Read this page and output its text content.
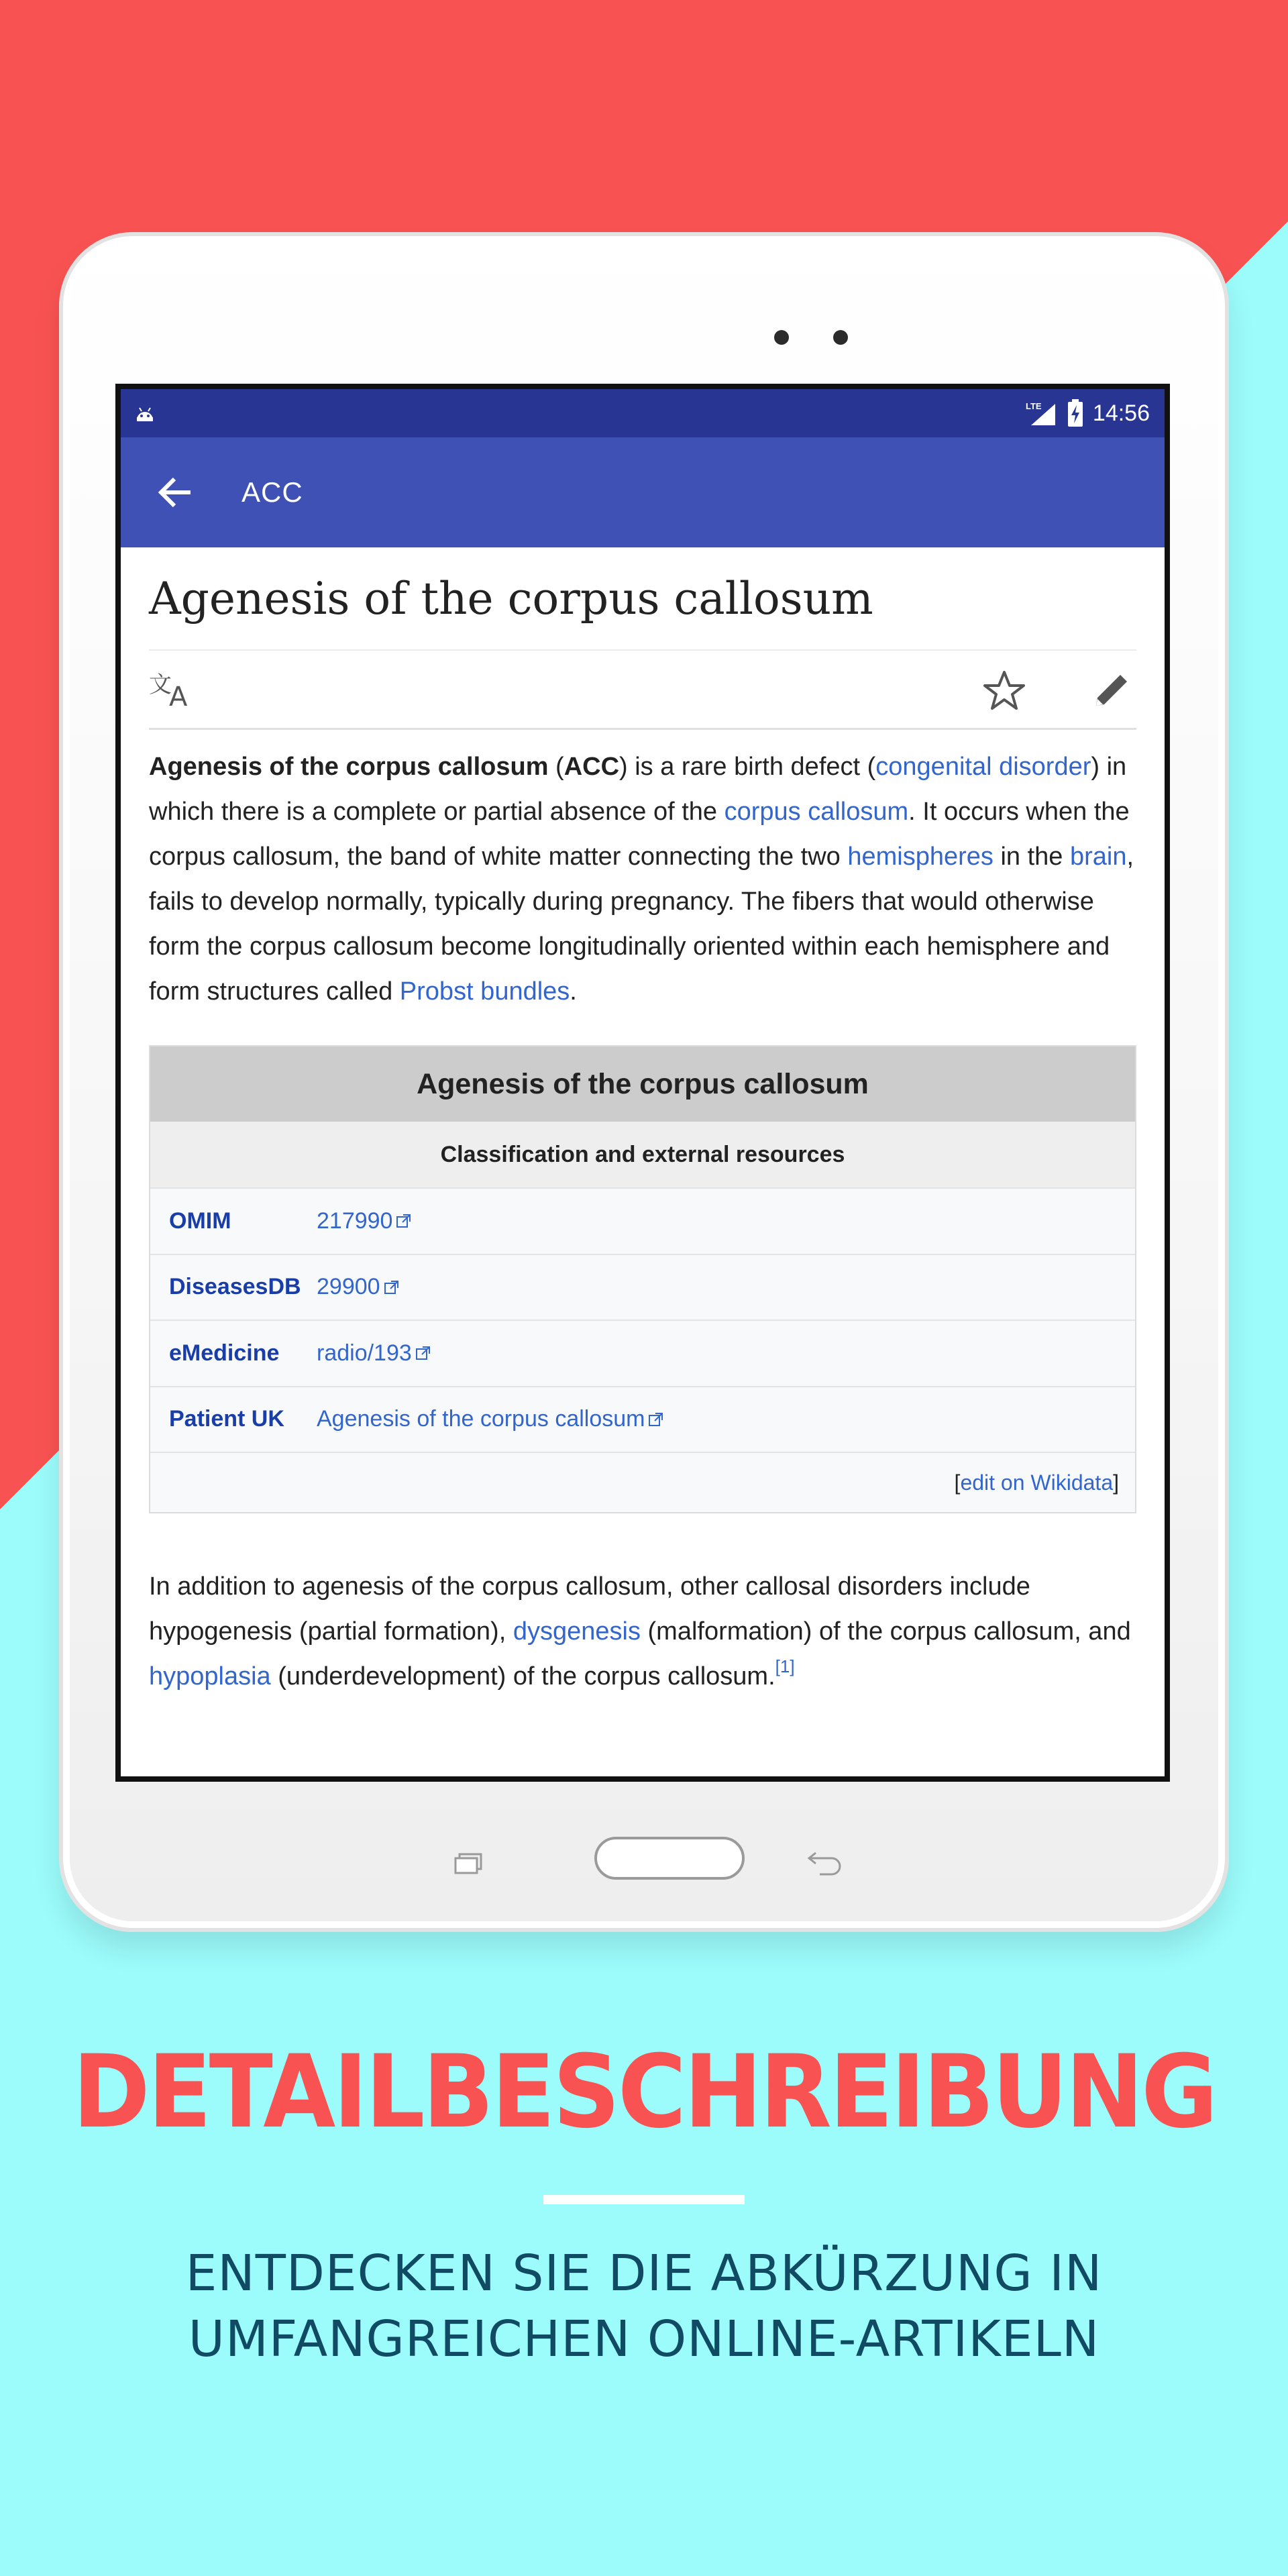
LTE 14:56
ACC
Agenesis of the corpus callosum
文
A

Agenesis of the corpus callosum (ACC) is a rare birth defect (congenital disorder) in which there is a complete or partial absence of the corpus callosum. It occurs when the corpus callosum, the band of white matter connecting the two hemispheres in the brain, fails to develop normally, typically during pregnancy. The fibers that would otherwise form the corpus callosum become longitudinally oriented within each hemisphere and form structures called Probst bundles.

Agenesis of the corpus callosum
Classification and external resources
OMIM	217990
DiseasesDB 29900
eMedicine	radio/193
Patient UK	Agenesis of the corpus callosum
[ edit on Wikidata ]

In addition to agenesis of the corpus callosum, other callosal disorders include hypogenesis (partial formation), dysgenesis (malformation) of the corpus callosum, and hypoplasia (underdevelopment) of the corpus callosum.[1]

DETAILBESCHREIBUNG
ENTDECKEN SIE DIE ABKÜRZUNG IN
UMFANGREICHEN ONLINE-ARTIKELN
